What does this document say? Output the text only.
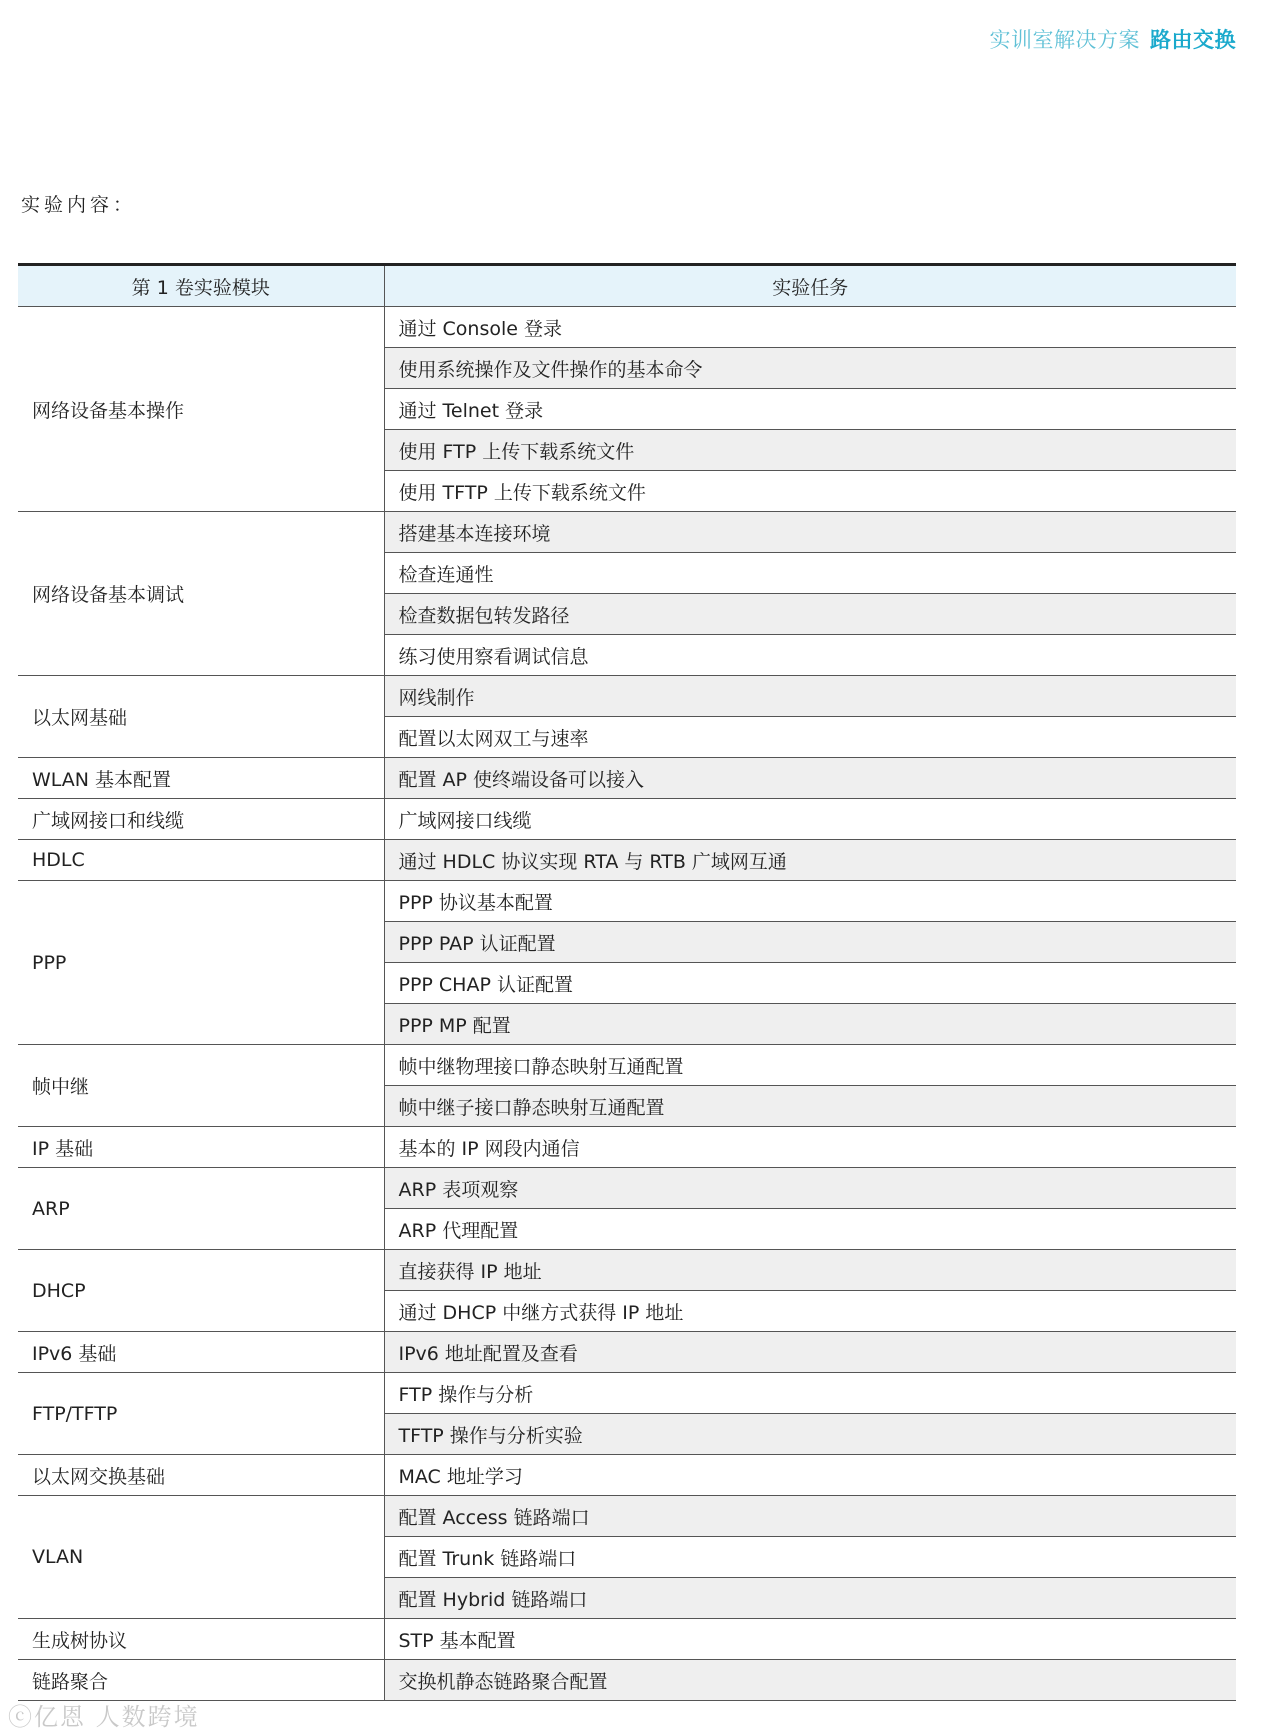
实训室解决方案 路由交换
实验内容：
第 1 卷实验模块	实验任务
网络设备基本操作	通过 Console 登录
	使用系统操作及文件操作的基本命令
	通过 Telnet 登录
	使用 FTP 上传下载系统文件
	使用 TFTP 上传下载系统文件
网络设备基本调试	搭建基本连接环境
	检查连通性
	检查数据包转发路径
	练习使用察看调试信息
以太网基础	网线制作
	配置以太网双工与速率
WLAN 基本配置	配置 AP 使终端设备可以接入
广域网接口和线缆	广域网接口线缆
HDLC	通过 HDLC 协议实现 RTA 与 RTB 广域网互通
PPP	PPP 协议基本配置
	PPP PAP 认证配置
	PPP CHAP 认证配置
	PPP MP 配置
帧中继	帧中继物理接口静态映射互通配置
	帧中继子接口静态映射互通配置
IP 基础	基本的 IP 网段内通信
ARP	ARP 表项观察
	ARP 代理配置
DHCP	直接获得 IP 地址
	通过 DHCP 中继方式获得 IP 地址
IPv6 基础	IPv6 地址配置及查看
FTP/TFTP	FTP 操作与分析
	TFTP 操作与分析实验
以太网交换基础	MAC 地址学习
VLAN	配置 Access 链路端口
	配置 Trunk 链路端口
	配置 Hybrid 链路端口
生成树协议	STP 基本配置
链路聚合	交换机静态链路聚合配置
ⓒ亿恩 人数跨境
